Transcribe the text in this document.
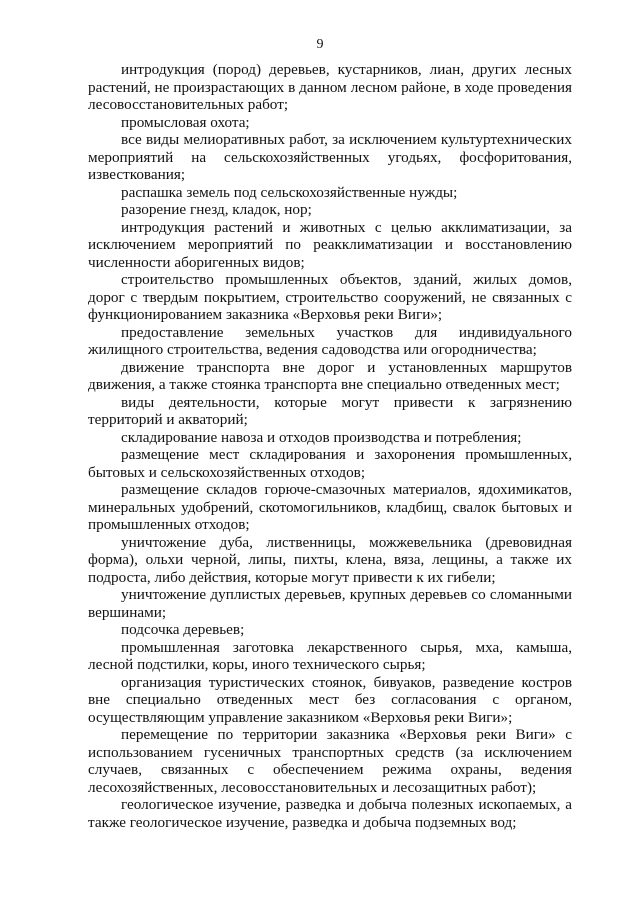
9

интродукция (пород) деревьев, кустарников, лиан, других лесных растений, не произрастающих в данном лесном районе, в ходе проведения лесовосстановительных работ;

промысловая охота;

все виды мелиоративных работ, за исключением культуртехнических мероприятий на сельскохозяйственных угодьях, фосфоритования, известкования;

распашка земель под сельскохозяйственные нужды;

разорение гнезд, кладок, нор;

интродукция растений и животных с целью акклиматизации, за исключением мероприятий по реакклиматизации и восстановлению численности аборигенных видов;

строительство промышленных объектов, зданий, жилых домов, дорог с твердым покрытием, строительство сооружений, не связанных с функционированием заказника «Верховья реки Виги»;

предоставление земельных участков для индивидуального жилищного строительства, ведения садоводства или огородничества;

движение транспорта вне дорог и установленных маршрутов движения, а также стоянка транспорта вне специально отведенных мест;

виды деятельности, которые могут привести к загрязнению территорий и акваторий;

складирование навоза и отходов производства и потребления;

размещение мест складирования и захоронения промышленных, бытовых и сельскохозяйственных отходов;

размещение складов горюче-смазочных материалов, ядохимикатов, минеральных удобрений, скотомогильников, кладбищ, свалок бытовых и промышленных отходов;

уничтожение дуба, лиственницы, можжевельника (древовидная форма), ольхи черной, липы, пихты, клена, вяза, лещины, а также их подроста, либо действия, которые могут привести к их гибели;

уничтожение дуплистых деревьев, крупных деревьев со сломанными вершинами;

подсочка деревьев;

промышленная заготовка лекарственного сырья, мха, камыша, лесной подстилки, коры, иного технического сырья;

организация туристических стоянок, бивуаков, разведение костров вне специально отведенных мест без согласования с органом, осуществляющим управление заказником «Верховья реки Виги»;

перемещение по территории заказника «Верховья реки Виги» с использованием гусеничных транспортных средств (за исключением случаев, связанных с обеспечением режима охраны, ведения лесохозяйственных, лесовосстановительных и лесозащитных работ);

геологическое изучение, разведка и добыча полезных ископаемых, а также геологическое изучение, разведка и добыча подземных вод;
